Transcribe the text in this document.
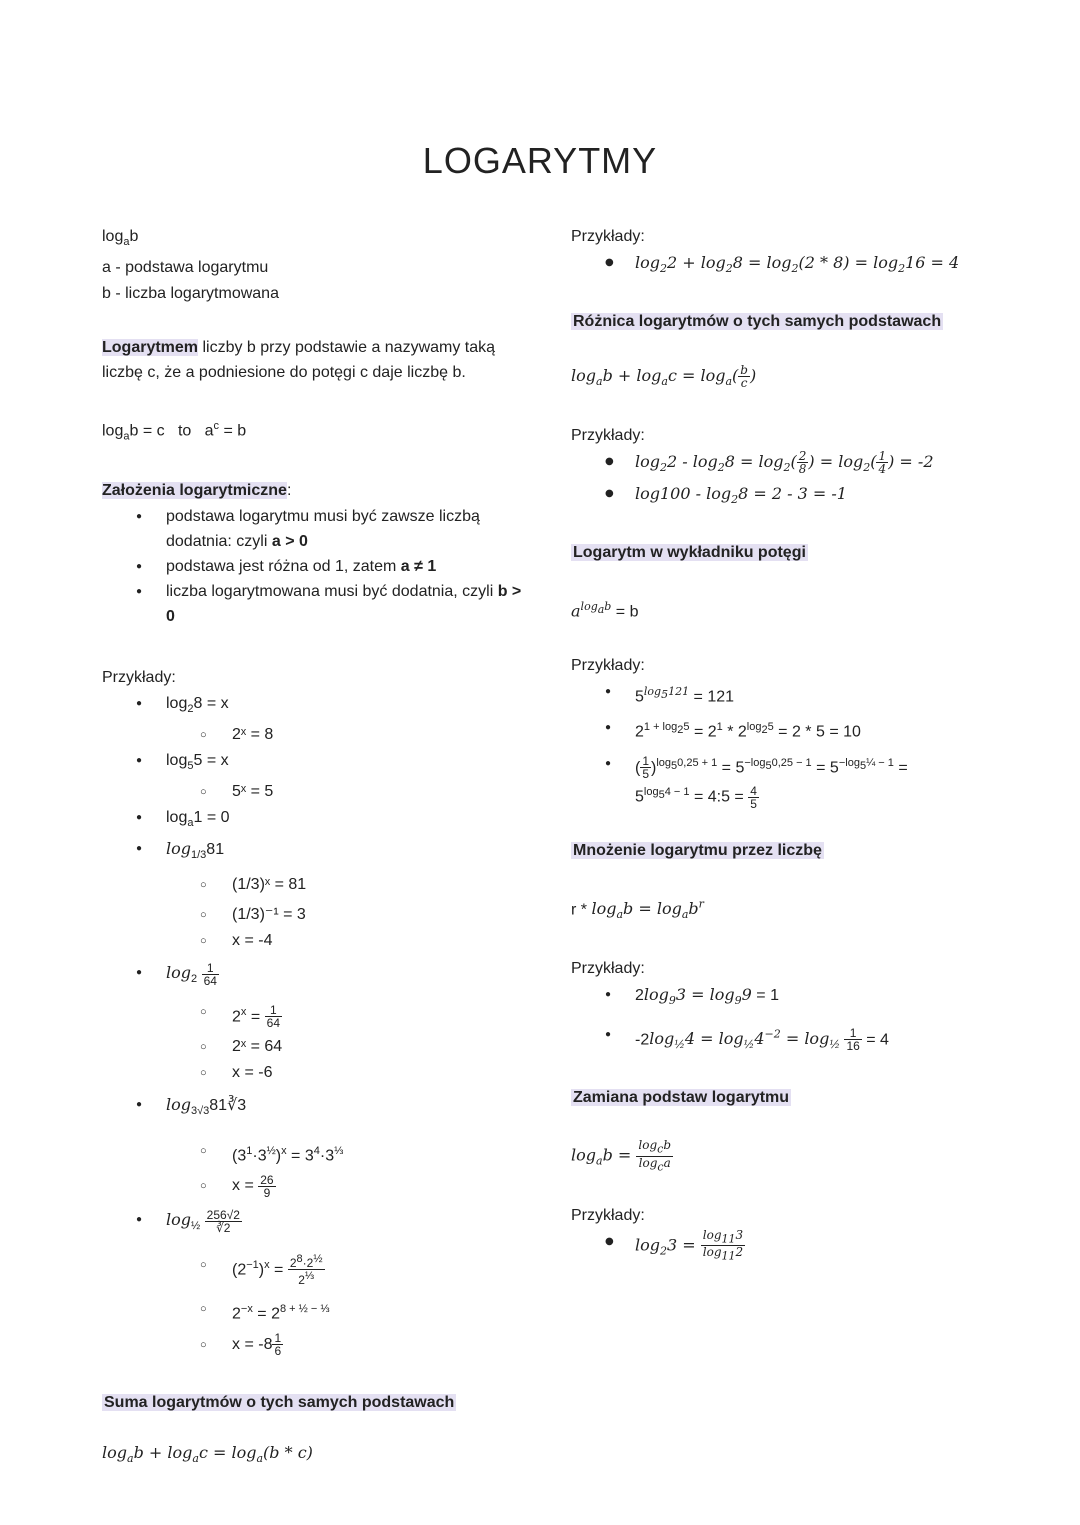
LOGARYTMY
$\log_ab$
a - podstawa logarytmu
b - liczba logarytmowana
Logarytmem liczby b przy podstawie a nazywamy taką liczbę c, że a podniesione do potęgi c daje liczbę b.
$\log_ab = c$   to   $a^c = b$
Założenia logarytmiczne:
● podstawa logarytmu musi być zawsze liczbą dodatnia: czyli a > 0
● podstawa jest różna od 1, zatem a ≠ 1
● liczba logarytmowana musi być dodatnia, czyli b > 0
Przykłady:
● $\log_28 = x$
○ 2ˣ = 8
● $\log_55 = x$
○ 5ˣ = 5
● $\log_a1 = 0$
● $\log_{1/3}81$
○ (1/3)ˣ = 81
○ (1/3)⁻¹ = 3
○ x = -4
● $\log_2 \frac{1}{64}$
○ $2^x = \frac{1}{64}$
○ 2ˣ = 64
○ x = -6
● $\log_{3√3}81∛3$
○ $(3^1\cdot 3^{\frac{1}{2}})^x = 3^4\cdot 3^{\frac{1}{3}}$
○ $x = \frac{26}{9}$
● $\log_{\frac{1}{2}} \frac{256√2}{∛2}$
○ $(2^{-1})^x = \frac{2^8\cdot 2^{\frac{1}{2}}}{2^{\frac{1}{3}}}$
○ $2^{-x} = 2^{8 + \frac{1}{2} - \frac{1}{3}}$
○ $x = -8 \frac{1}{6}$
Suma logarytmów o tych samych podstawach
$\log_ab + \log_ac = \log_a(b * c)$
Przykłady:
● $\log_22 + \log_28 = \log_2(2 * 8) = \log_216 = 4$
Różnica logarytmów o tych samych podstawach
$\log_ab + \log_ac = \log_a( \frac{b}{c}$ )
Przykłady:
● $\log_22 - \log_28 = \log_2( \frac{2}{8}$ ) = $\log_2( \frac{1}{4}$ ) = -2
● $\log 100 - \log_28 = 2 - 3 = -1$
Logarytm w wykładniku potęgi
$a^{log_ab} = b$
Przykłady:
● $5^{log_5121} = 121$
● $2^{1 + log_25} = 2^1 * 2^{log_25} = 2 * 5 = 10$
● ( $\frac{1}{5} )^{log_50,25 + 1} = 5^{-log_50,25 - 1} = 5^{-log_5\frac{1}{4} - 1}$ =
$5^{log_54 - 1}$ = 4:5 = $\frac{4}{5}$
Mnożenie logarytmu przez liczbę
$r * \log_ab = \log_ab^r$
Przykłady:
● $2\log_93 = \log_99 = 1$
● $-2\log_{\frac{1}{2}}4 = \log_{\frac{1}{2}}4^{-2} = \log_{\frac{1}{2}} \frac{1}{16} = 4$
Zamiana podstaw logarytmu
$\log_ab = \frac{\log_cb}{\log_ca}$
Przykłady:
● $\log_23 = \frac{\log_{11}3}{\log_{11}2}$
